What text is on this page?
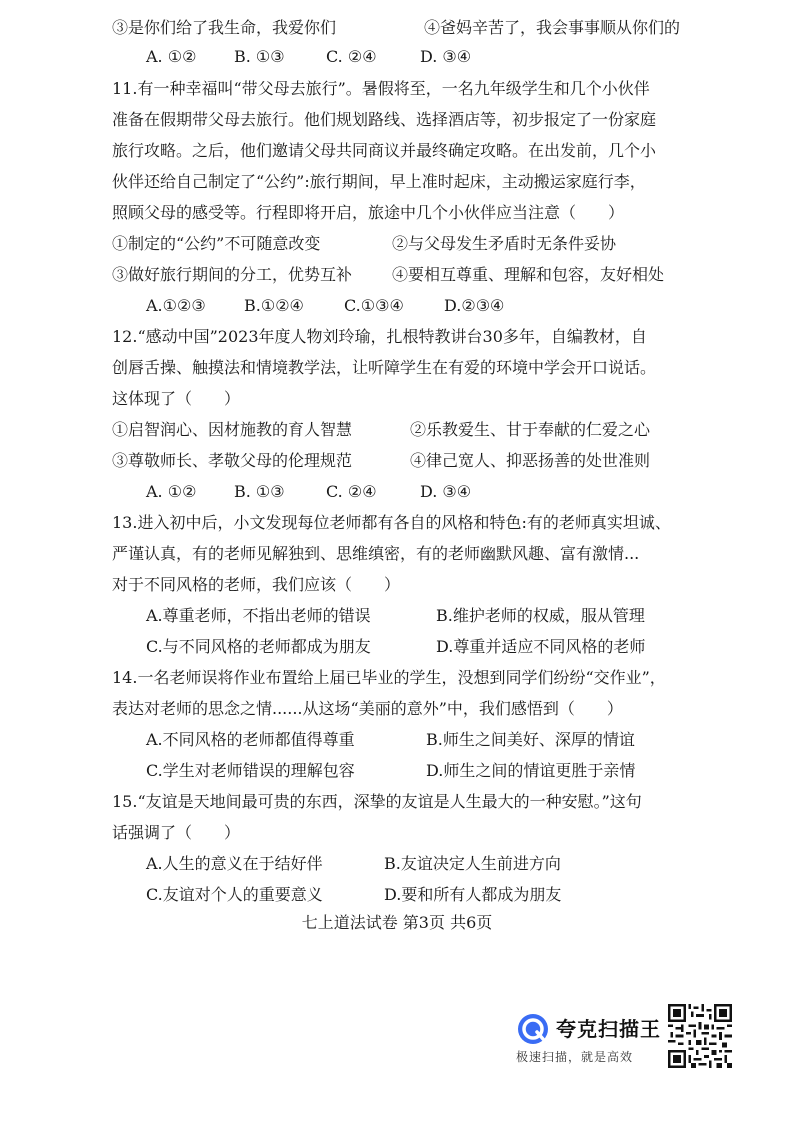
③是你们给了我生命，我爱你们	④爸妈辛苦了，我会事事顺从你们的
A. ①② B. ①③	C. ②④	D. ③④
11.有一种幸福叫“带父母去旅行”。暑假将至，一名九年级学生和几个小伙伴
准备在假期带父母去旅行。他们规划路线、选择酒店等，初步报定了一份家庭
旅行攻略。之后，他们邀请父母共同商议并最终确定攻略。在出发前，几个小
伙伴还给自己制定了“公约”:旅行期间，早上准时起床，主动搬运家庭行李，
照顾父母的感受等。行程即将开启，旅途中几个小伙伴应当注意（　　）
①制定的“公约”不可随意改变	②与父母发生矛盾时无条件妥协
③做好旅行期间的分工，优势互补 ④要相互尊重、理解和包容，友好相处
A.①②③ B.①②④	C.①③④	D.②③④
12.“感动中国”2023年度人物刘玲瑜，扎根特教讲台30多年，自编教材，自
创唇舌操、触摸法和情境教学法，让听障学生在有爱的环境中学会开口说话。
这体现了（　　）
①启智润心、因材施教的育人智慧	②乐教爱生、甘于奉献的仁爱之心
③尊敬师长、孝敬父母的伦理规范	④律己宽人、抑恶扬善的处世准则
A. ①② B. ①③	C. ②④	D. ③④
13.进入初中后，小文发现每位老师都有各自的风格和特色:有的老师真实坦诚、
严谨认真，有的老师见解独到、思维缜密，有的老师幽默风趣、富有激情...
对于不同风格的老师，我们应该（　　）
A.尊重老师，不指出老师的错误	B.维护老师的权威，服从管理
C.与不同风格的老师都成为朋友	D.尊重并适应不同风格的老师
14.一名老师误将作业布置给上届已毕业的学生，没想到同学们纷纷“交作业”，
表达对老师的思念之情......从这场“美丽的意外”中，我们感悟到（　　）
A.不同风格的老师都值得尊重	B.师生之间美好、深厚的情谊
C.学生对老师错误的理解包容	D.师生之间的情谊更胜于亲情
15.“友谊是天地间最可贵的东西，深挚的友谊是人生最大的一种安慰。”这句
话强调了（　　）
A.人生的意义在于结好伴	B.友谊决定人生前进方向
C.友谊对个人的重要意义	D.要和所有人都成为朋友
七上道法试卷 第3页 共6页
夸克扫描王
极速扫描，就是高效
